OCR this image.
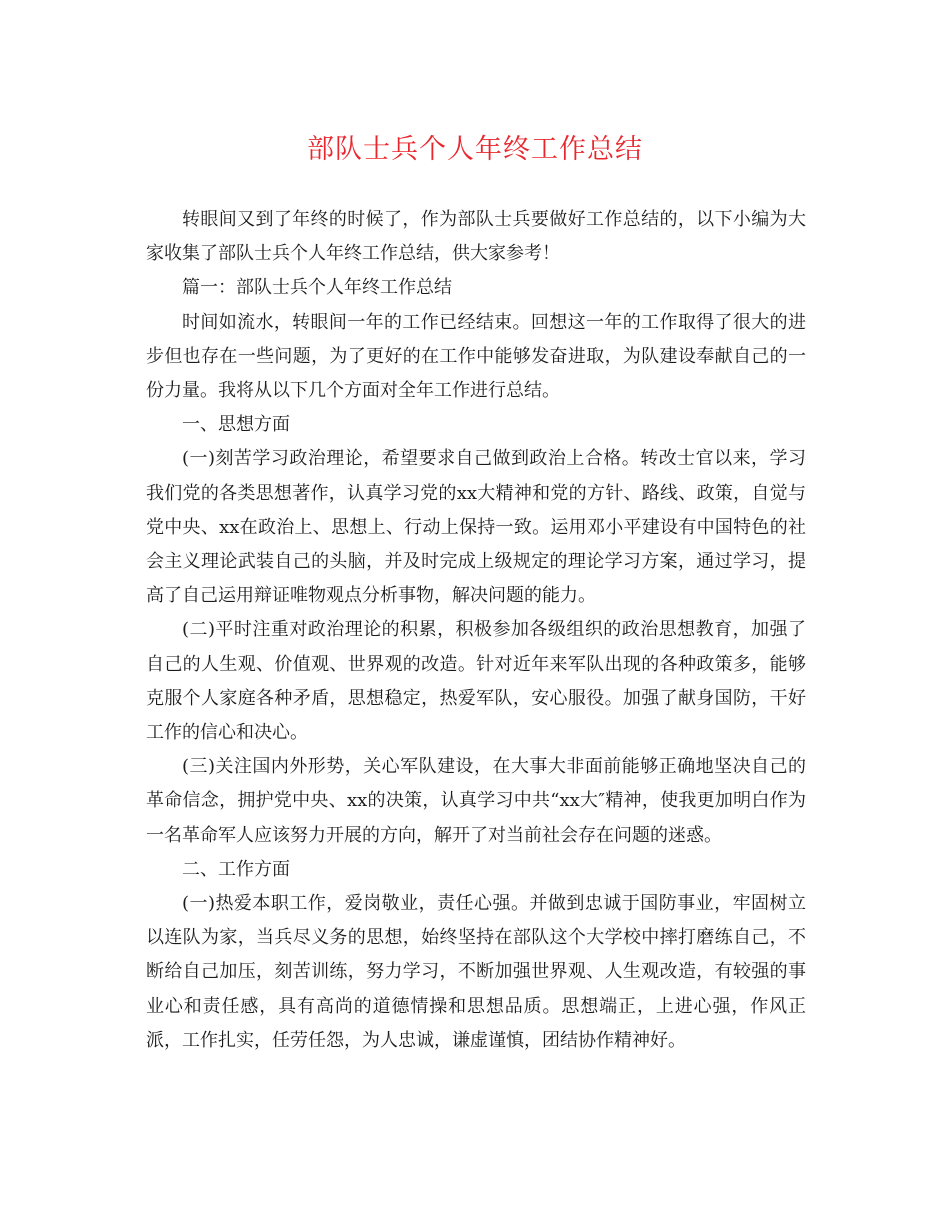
部队士兵个人年终工作总结

转眼间又到了年终的时候了，作为部队士兵要做好工作总结的，以下小编为大家收集了部队士兵个人年终工作总结，供大家参考！

篇一：部队士兵个人年终工作总结

时间如流水，转眼间一年的工作已经结束。回想这一年的工作取得了很大的进步但也存在一些问题，为了更好的在工作中能够发奋进取，为队建设奉献自己的一份力量。我将从以下几个方面对全年工作进行总结。

一、思想方面

(一)刻苦学习政治理论，希望要求自己做到政治上合格。转改士官以来，学习我们党的各类思想著作，认真学习党的xx大精神和党的方针、路线、政策，自觉与党中央、xx在政治上、思想上、行动上保持一致。运用邓小平建设有中国特色的社会主义理论武装自己的头脑，并及时完成上级规定的理论学习方案，通过学习，提高了自己运用辩证唯物观点分析事物，解决问题的能力。

(二)平时注重对政治理论的积累，积极参加各级组织的政治思想教育，加强了自己的人生观、价值观、世界观的改造。针对近年来军队出现的各种政策多，能够克服个人家庭各种矛盾，思想稳定，热爱军队，安心服役。加强了献身国防，干好工作的信心和决心。

(三)关注国内外形势，关心军队建设，在大事大非面前能够正确地坚决自己的革命信念，拥护党中央、xx的决策，认真学习中共“xx大″精神，使我更加明白作为一名革命军人应该努力开展的方向，解开了对当前社会存在问题的迷惑。

二、工作方面

(一)热爱本职工作，爱岗敬业，责任心强。并做到忠诚于国防事业，牢固树立以连队为家，当兵尽义务的思想，始终坚持在部队这个大学校中摔打磨练自己，不断给自己加压，刻苦训练，努力学习，不断加强世界观、人生观改造，有较强的事业心和责任感，具有高尚的道德情操和思想品质。思想端正，上进心强，作风正派，工作扎实，任劳任怨，为人忠诚，谦虚谨慎，团结协作精神好。
